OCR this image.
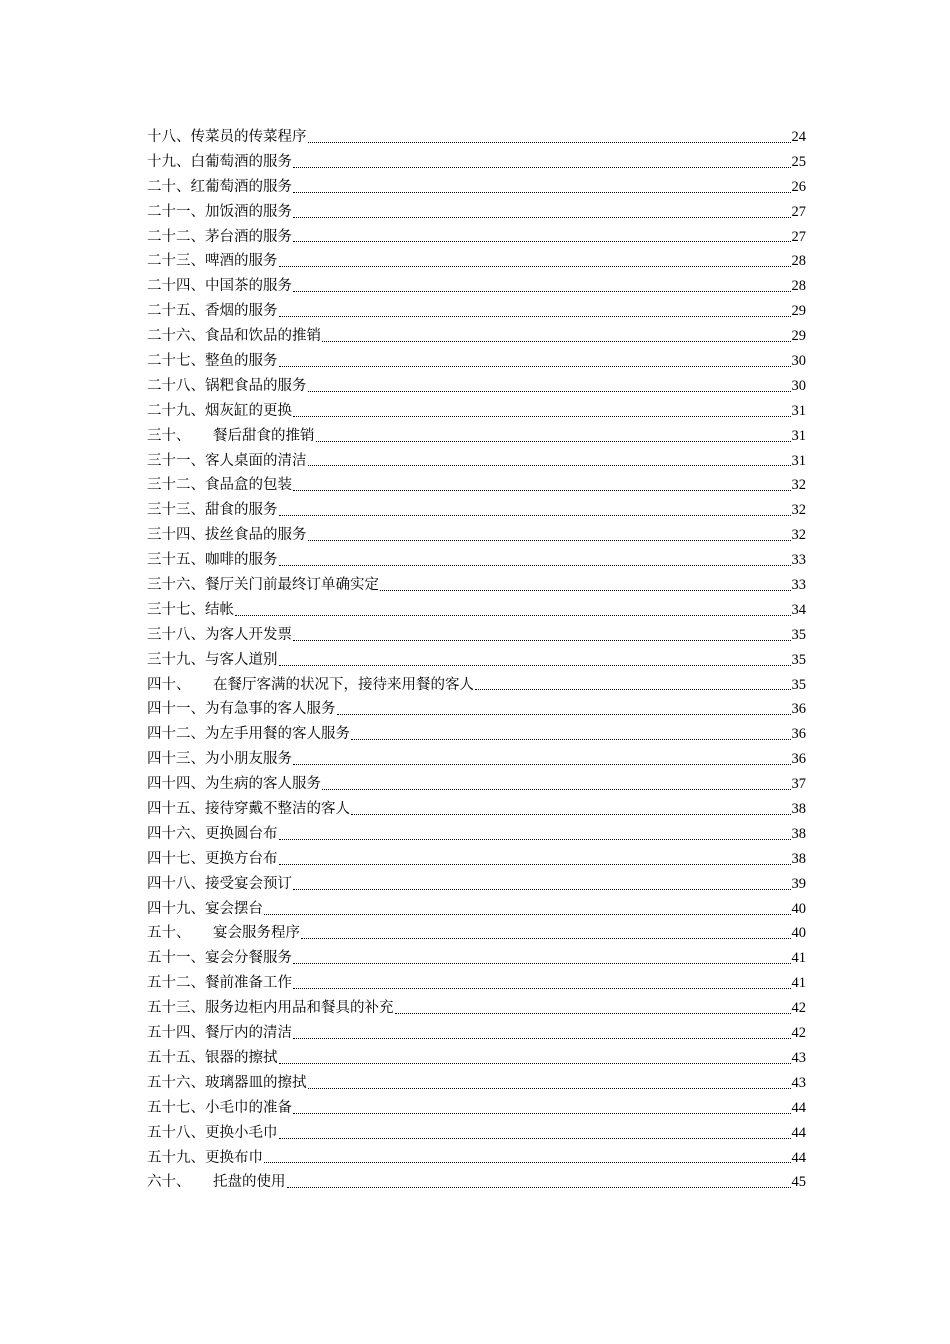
十八、 传菜员的传菜程序	24
十九、 白葡萄酒的服务	25
二十、 红葡萄酒的服务	26
二十一、 加饭酒的服务	27
二十二、 茅台酒的服务	27
二十三、 啤酒的服务	28
二十四、 中国茶的服务	28
二十五、 香烟的服务	29
二十六、 食品和饮品的推销	29
二十七、 整鱼的服务	30
二十八、 锅粑食品的服务	30
二十九、 烟灰缸的更换	31
三十、	餐后甜食的推销	31
三十一、 客人桌面的清洁	31
三十二、 食品盒的包装	32
三十三、 甜食的服务	32
三十四、 拔丝食品的服务	32
三十五、 咖啡的服务	33
三十六、 餐厅关门前最终订单确实定	33
三十七、 结帐	34
三十八、 为客人开发票	35
三十九、 与客人道别	35
四十、	在餐厅客满的状况下，接待来用餐的客人	35
四十一、 为有急事的客人服务	36
四十二、 为左手用餐的客人服务	36
四十三、 为小朋友服务	36
四十四、 为生病的客人服务	37
四十五、 接待穿戴不整洁的客人	38
四十六、 更换圆台布	38
四十七、 更换方台布	38
四十八、 接受宴会预订	39
四十九、 宴会摆台	40
五十、	宴会服务程序	40
五十一、 宴会分餐服务	41
五十二、 餐前准备工作	41
五十三、 服务边柜内用品和餐具的补充	42
五十四、 餐厅内的清洁	42
五十五、 银器的擦拭	43
五十六、 玻璃器皿的擦拭	43
五十七、 小毛巾的准备	44
五十八、 更换小毛巾	44
五十九、 更换布巾	44
六十、	托盘的使用	45
